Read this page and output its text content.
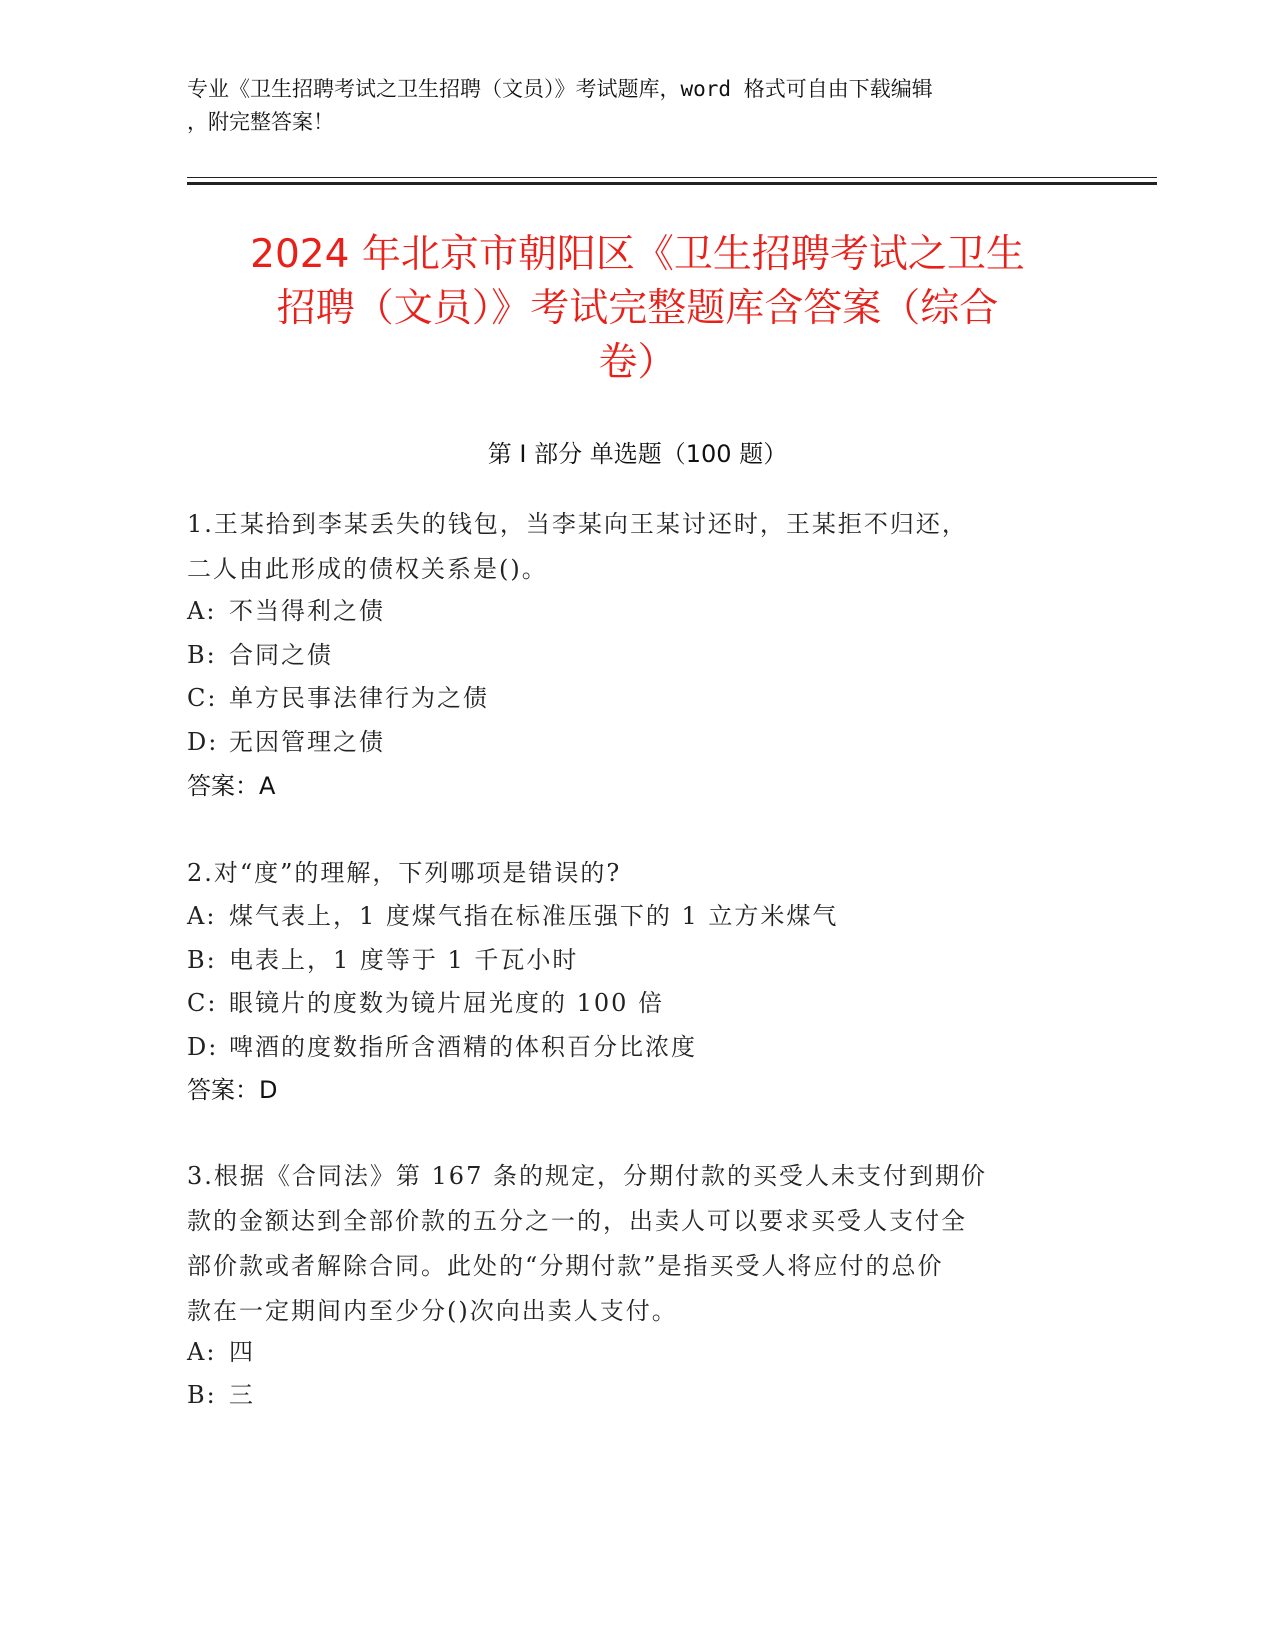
专业《卫生招聘考试之卫生招聘（文员）》考试题库，word 格式可自由下载编辑
，附完整答案！
2024 年北京市朝阳区《卫生招聘考试之卫生
招聘（文员）》考试完整题库含答案（综合
卷）
第 I 部分 单选题（100 题）
1.王某拾到李某丢失的钱包，当李某向王某讨还时，王某拒不归还，
二人由此形成的债权关系是()。
A: 不当得利之债
B: 合同之债
C: 单方民事法律行为之债
D: 无因管理之债
答案：A
2.对“度”的理解，下列哪项是错误的?
A: 煤气表上，1 度煤气指在标准压强下的 1 立方米煤气
B: 电表上，1 度等于 1 千瓦小时
C: 眼镜片的度数为镜片屈光度的 100 倍
D: 啤酒的度数指所含酒精的体积百分比浓度
答案：D
3.根据《合同法》第 167 条的规定，分期付款的买受人未支付到期价
款的金额达到全部价款的五分之一的，出卖人可以要求买受人支付全
部价款或者解除合同。此处的“分期付款”是指买受人将应付的总价
款在一定期间内至少分()次向出卖人支付。
A: 四
B: 三
